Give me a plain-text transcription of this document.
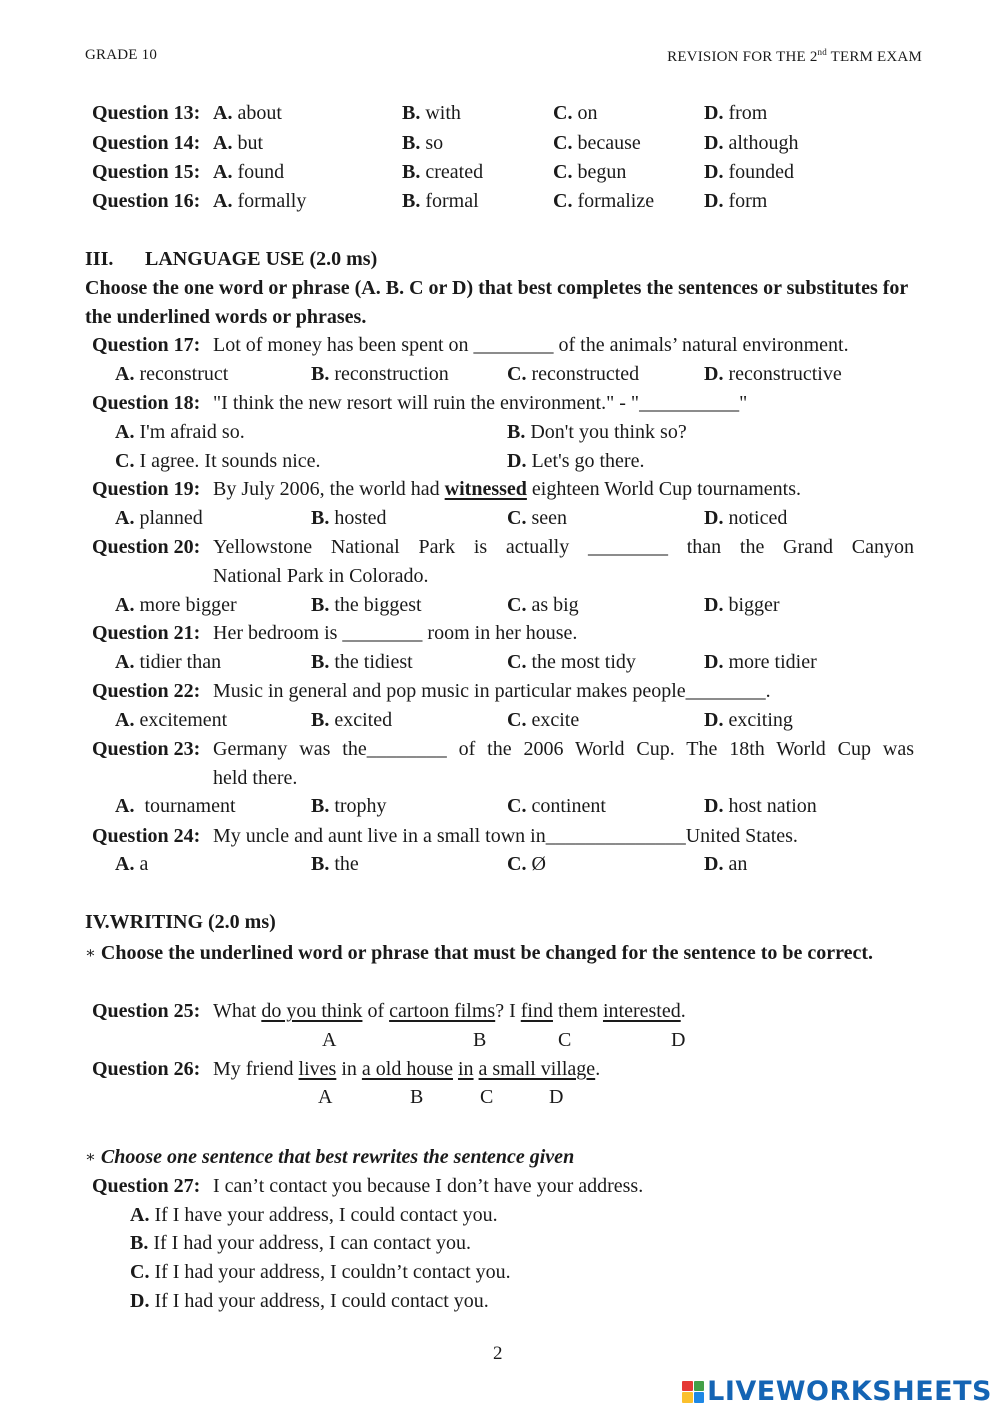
GRADE 10	REVISION FOR THE 2nd TERM EXAM
Question 13: A. about	B. with	C. on	D. from
Question 14: A. but	B. so	C. because	D. although
Question 15: A. found	B. created	C. begun	D. founded
Question 16: A. formally	B. formal	C. formalize D. form
III. LANGUAGE USE (2.0 ms)
Choose the one word or phrase (A. B. C or D) that best completes the sentences or substitutes for the underlined words or phrases.
Question 17: Lot of money has been spent on ________ of the animals’ natural environment.
A. reconstruct	B. reconstruction	C. reconstructed	D. reconstructive
Question 18: "I think the new resort will ruin the environment." - "__________"
A. I'm afraid so.	B. Don't you think so?
C. I agree. It sounds nice.	D. Let's go there.
Question 19: By July 2006, the world had witnessed eighteen World Cup tournaments.
A. planned	B. hosted	C. seen	D. noticed
Question 20: Yellowstone National Park is actually ________ than the Grand Canyon
National Park in Colorado.
A. more bigger	B. the biggest	C. as big	D. bigger
Question 21: Her bedroom is ________ room in her house.
A. tidier than	B. the tidiest	C. the most tidy	D. more tidier
Question 22: Music in general and pop music in particular makes people________.
A. excitement	B. excited	C. excite	D. exciting
Question 23: Germany was the________ of the 2006 World Cup. The 18th World Cup was
held there.
A. tournament	B. trophy	C. continent	D. host nation
Question 24: My uncle and aunt live in a small town in______________United States.
A. a	B. the	C. Ø	D. an
IV.WRITING (2.0 ms)
∗ Choose the underlined word or phrase that must be changed for the sentence to be correct.
Question 25: What do you think of cartoon films? I find them interested.
A	B	C	D
Question 26: My friend lives in a old house in a small village.
A	B	C	D
∗ Choose one sentence that best rewrites the sentence given
Question 27: I can’t contact you because I don’t have your address.
A. If I have your address, I could contact you.
B. If I had your address, I can contact you.
C. If I had your address, I couldn’t contact you.
D. If I had your address, I could contact you.
2
LIVEWORKSHEETS
